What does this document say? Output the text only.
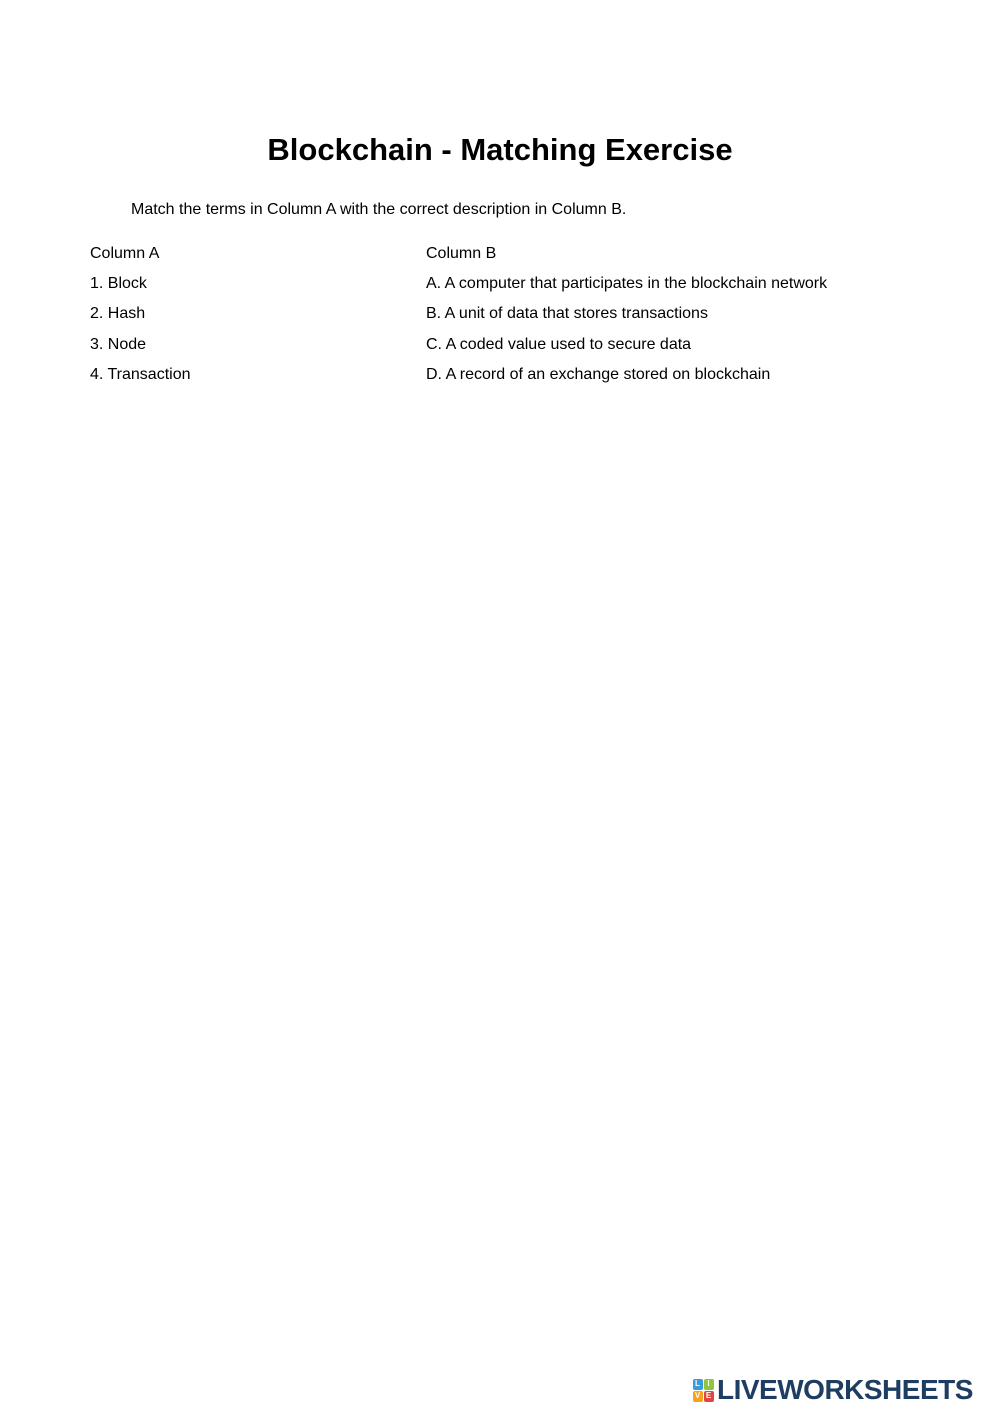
Blockchain - Matching Exercise

Match the terms in Column A with the correct description in Column B.

Column A
1. Block
2. Hash
3. Node
4. Transaction
Column B
A. A computer that participates in the blockchain network
B. A unit of data that stores transactions
C. A coded value used to secure data
D. A record of an exchange stored on blockchain
L I
V E LIVEWORKSHEETS
